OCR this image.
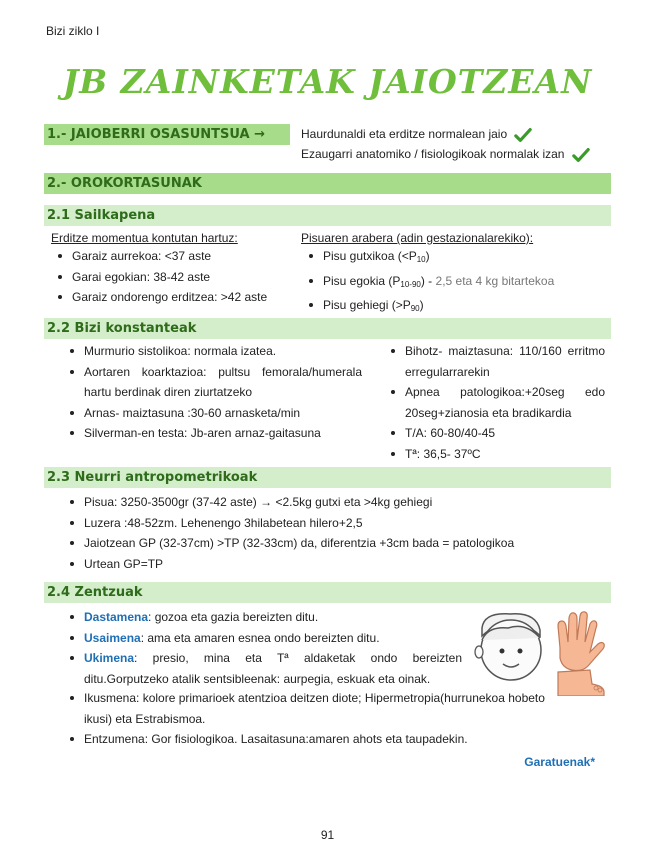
Bizi ziklo I
JB ZAINKETAK JAIOTZEAN
1.- JAIOBERRI OSASUNTSUA →	Haurdunaldi eta erditze normalean jaio
Ezaugarri anatomiko / fisiologikoak normalak izan
2.- OROKORTASUNAK
2.1 Sailkapena
Erditze momentua kontutan hartuz:
Garaiz aurrekoa: <37 aste
Garai egokian: 38-42 aste
Garaiz ondorengo erditzea: >42 aste
Pisuaren arabera (adin gestazionalarekiko):
Pisu gutxikoa $(<P_{10})$
Pisu egokia $(P_{10-90}) - 2,5$ eta 4 kg bitartekoa
Pisu gehiegi $(>P_{90})$
2.2 Bizi konstanteak
Murmurio sistolikoa: normala izatea.
Aortaren koarktazioa: pultsu femorala/humerala hartu berdinak diren ziurtatzeko
Arnas- maiztasuna :30-60 arnasketa/min
Silverman-en testa: Jb-aren arnaz-gaitasuna
Bihotz- maiztasuna: 110/160 erritmo erregularrarekin
Apnea patologikoa:+20seg edo 20seg+zianosia eta bradikardia
T/A: 60-80/40-45
Tª: 36,5- 37ºC
2.3 Neurri antropometrikoak
Pisua: 3250-3500gr (37-42 aste) → <2.5kg gutxi eta >4kg gehiegi
Luzera :48-52zm. Lehenengo 3hilabetean hilero+2,5
Jaiotzean GP (32-37cm) >TP (32-33cm) da, diferentzia +3cm bada = patologikoa
Urtean GP=TP
2.4 Zentzuak
Dastamena: gozoa eta gazia bereizten ditu.
Usaimena: ama eta amaren esnea ondo bereizten ditu.
Ukimena: presio, mina eta Tª aldaketak ondo bereizten ditu.Gorputzeko atalik sentsibleenak: aurpegia, eskuak eta oinak.
Ikusmena: kolore primarioek atentzioa deitzen diote; Hipermetropia(hurrunekoa hobeto ikusi) eta Estrabismoa.
Entzumena: Gor fisiologikoa. Lasaitasuna:amaren ahots eta taupadekin.
Garatuenak*
91
